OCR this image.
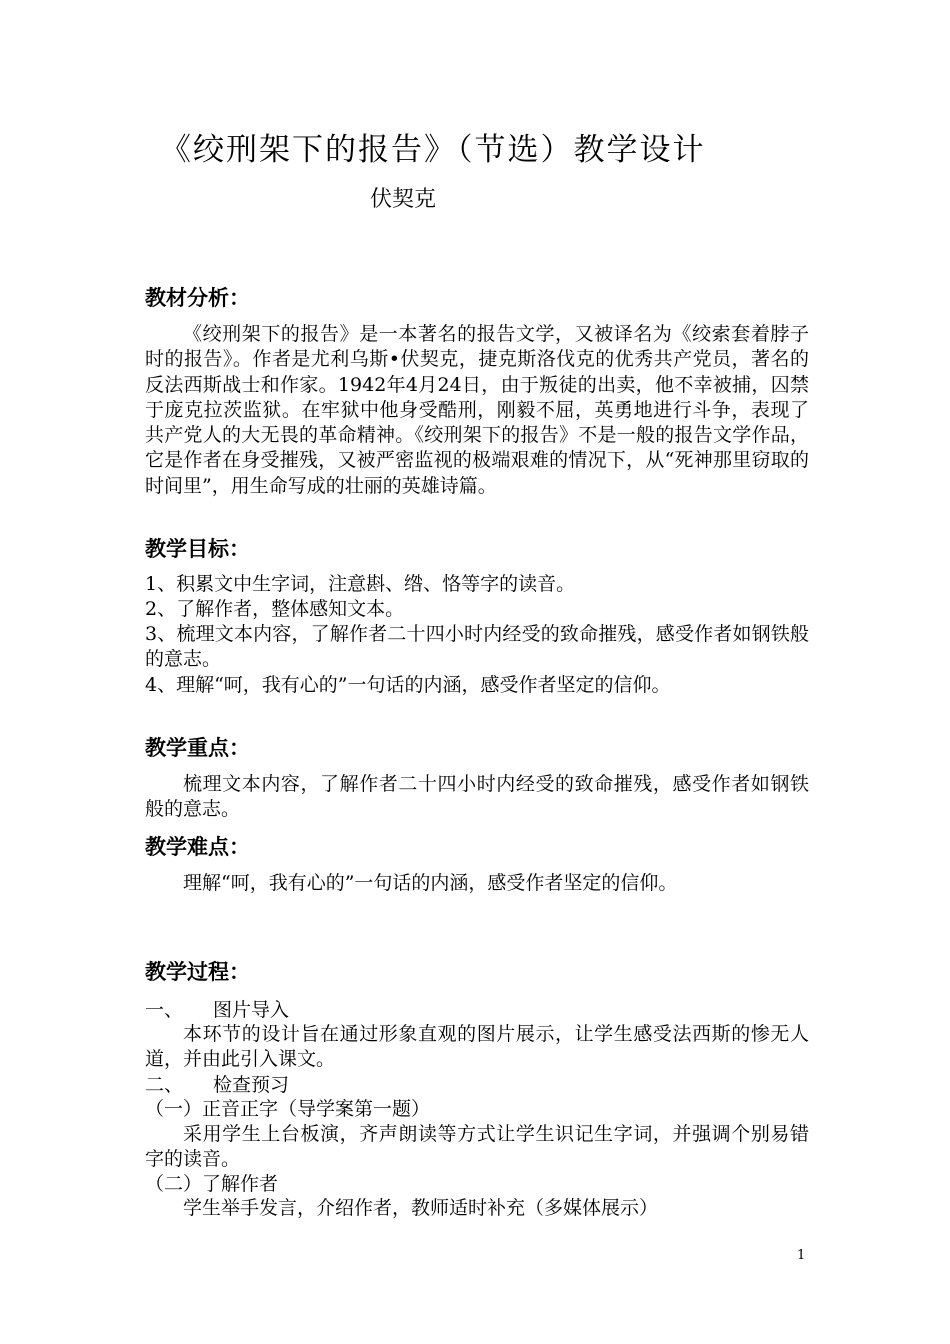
《绞刑架下的报告》（节选）教学设计
伏契克
教材分析：
《绞刑架下的报告》是一本著名的报告文学，又被译名为《绞索套着脖子时的报告》。作者是尤利乌斯•伏契克，捷克斯洛伐克的优秀共产党员，著名的反法西斯战士和作家。1942年4月24日，由于叛徒的出卖，他不幸被捕，囚禁于庞克拉茨监狱。在牢狱中他身受酷刑，刚毅不屈，英勇地进行斗争，表现了共产党人的大无畏的革命精神。《绞刑架下的报告》不是一般的报告文学作品，它是作者在身受摧残，又被严密监视的极端艰难的情况下，从“死神那里窃取的时间里”，用生命写成的壮丽的英雄诗篇。
教学目标：
1、积累文中生字词，注意斟、绺、恪等字的读音。
2、了解作者，整体感知文本。
3、梳理文本内容，了解作者二十四小时内经受的致命摧残，感受作者如钢铁般的意志。
4、理解“呵，我有心的”一句话的内涵，感受作者坚定的信仰。
教学重点：
梳理文本内容，了解作者二十四小时内经受的致命摧残，感受作者如钢铁般的意志。
教学难点：
理解“呵，我有心的”一句话的内涵，感受作者坚定的信仰。
教学过程：
一、 图片导入
本环节的设计旨在通过形象直观的图片展示，让学生感受法西斯的惨无人道，并由此引入课文。
二、 检查预习
（一）正音正字（导学案第一题）
采用学生上台板演，齐声朗读等方式让学生识记生字词，并强调个别易错字的读音。
（二）了解作者
学生举手发言，介绍作者，教师适时补充（多媒体展示）
1
